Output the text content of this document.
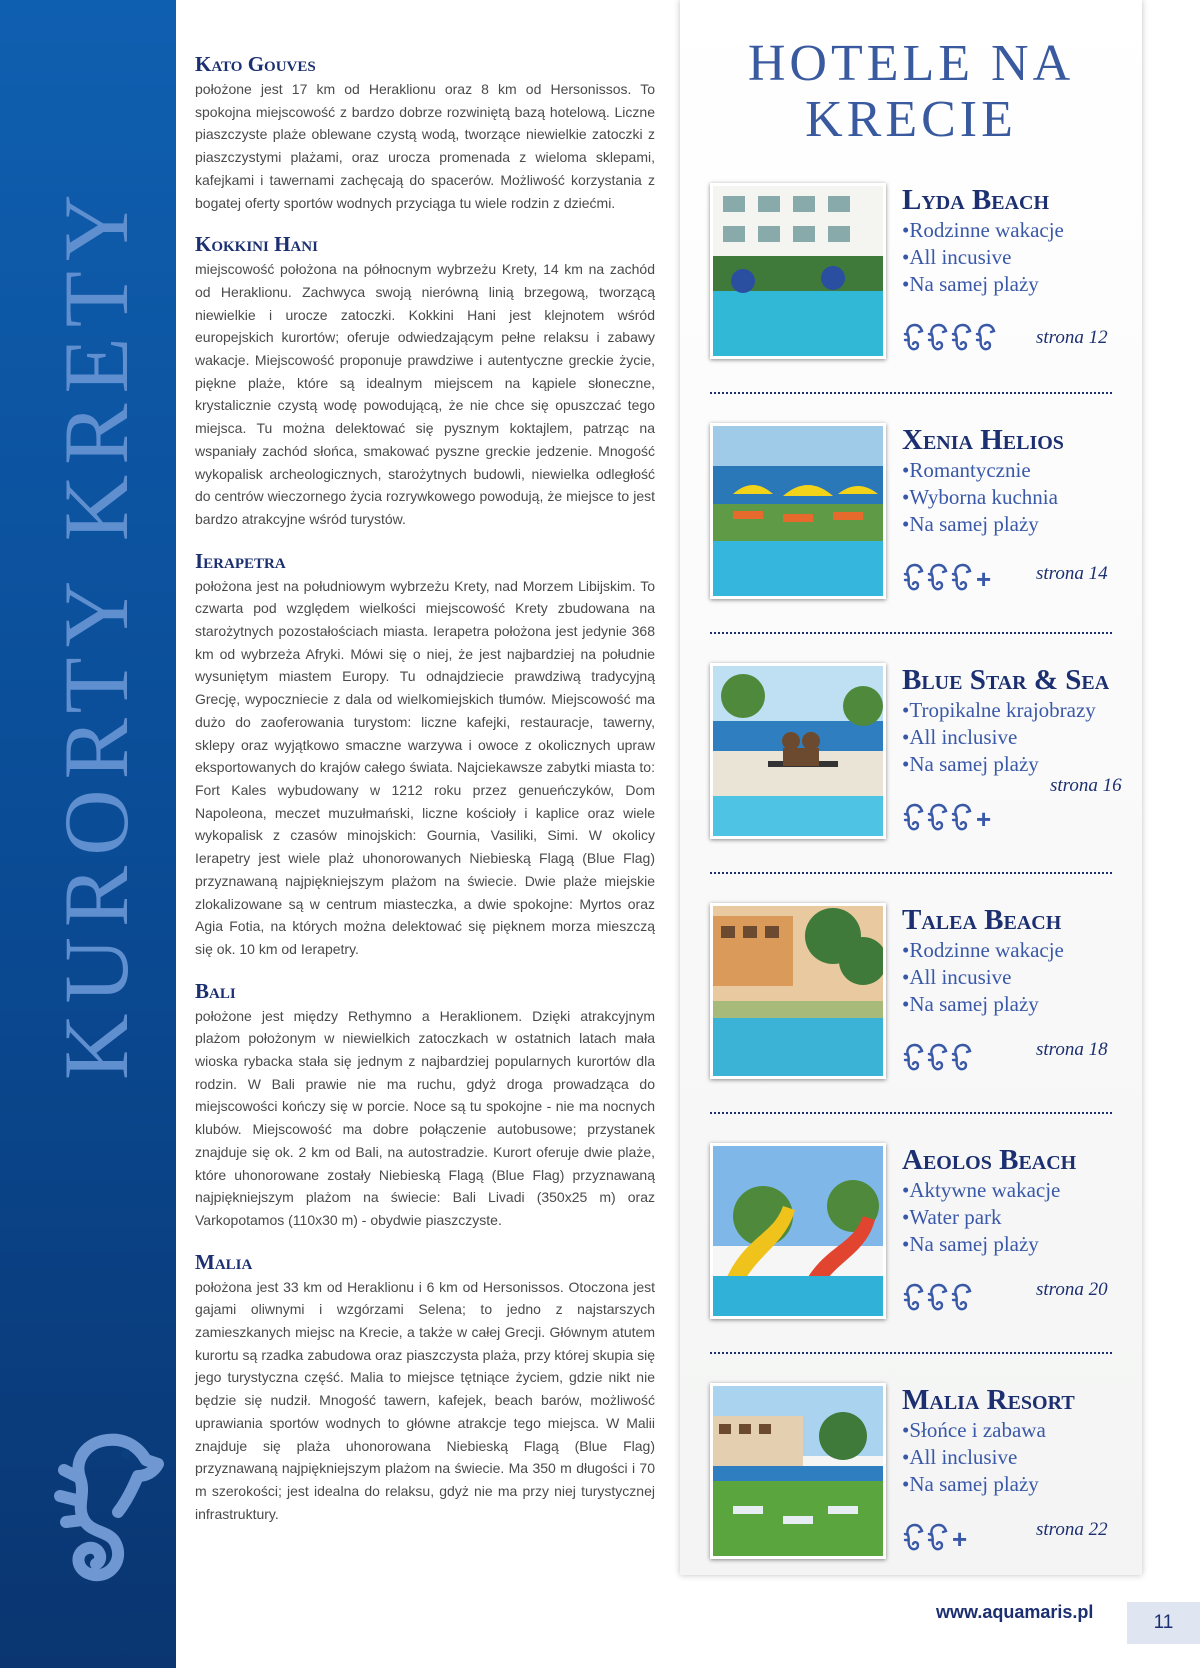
KURORTY KRETY
Kato Gouves

położone jest 17 km od Heraklionu oraz 8 km od Hersonissos. To spokojna miejscowość z bardzo dobrze rozwiniętą bazą hotelową. Liczne piaszczyste plaże oblewane czystą wodą, tworzące niewielkie zatoczki z piaszczystymi plażami, oraz urocza promenada z wieloma sklepami, kafejkami i tawernami zachęcają do spacerów. Możliwość korzystania z bogatej oferty sportów wodnych przyciąga tu wiele rodzin z dziećmi.

Kokkini Hani

miejscowość położona na północnym wybrzeżu Krety, 14 km na zachód od Heraklionu. Zachwyca swoją nierówną linią brzegową, tworzącą niewielkie i urocze zatoczki. Kokkini Hani jest klejnotem wśród europejskich kurortów; oferuje odwiedzającym pełne relaksu i zabawy wakacje. Miejscowość proponuje prawdziwe i autentyczne greckie życie, piękne plaże, które są idealnym miejscem na kąpiele słoneczne, krystalicznie czystą wodę powodującą, że nie chce się opuszczać tego miejsca. Tu można delektować się pysznym koktajlem, patrząc na wspaniały zachód słońca, smakować pyszne greckie jedzenie. Mnogość wykopalisk archeologicznych, starożytnych budowli, niewielka odległość do centrów wieczornego życia rozrywkowego powodują, że miejsce to jest bardzo atrakcyjne wśród turystów.

Ierapetra

położona jest na południowym wybrzeżu Krety, nad Morzem Libijskim. To czwarta pod względem wielkości miejscowość Krety zbudowana na starożytnych pozostałościach miasta. Ierapetra położona jest jedynie 368 km od wybrzeża Afryki. Mówi się o niej, że jest najbardziej na południe wysuniętym miastem Europy. Tu odnajdziecie prawdziwą tradycyjną Grecję, wypoczniecie z dala od wielkomiejskich tłumów. Miejscowość ma dużo do zaoferowania turystom: liczne kafejki, restauracje, tawerny, sklepy oraz wyjątkowo smaczne warzywa i owoce z okolicznych upraw eksportowanych do krajów całego świata. Najciekawsze zabytki miasta to: Fort Kales wybudowany w 1212 roku przez genueńczyków, Dom Napoleona, meczet muzułmański, liczne kościoły i kaplice oraz wiele wykopalisk z czasów minojskich: Gournia, Vasiliki, Simi. W okolicy Ierapetry jest wiele plaż uhonorowanych Niebieską Flagą (Blue Flag) przyznawaną najpiękniejszym plażom na świecie. Dwie plaże miejskie zlokalizowane są w centrum miasteczka, a dwie spokojne: Myrtos oraz Agia Fotia, na których można delektować się pięknem morza mieszczą się ok. 10 km od Ierapetry.

Bali

położone jest między Rethymno a Heraklionem. Dzięki atrakcyjnym plażom położonym w niewielkich zatoczkach w ostatnich latach mała wioska rybacka stała się jednym z najbardziej popularnych kurortów dla rodzin. W Bali prawie nie ma ruchu, gdyż droga prowadząca do miejscowości kończy się w porcie. Noce są tu spokojne - nie ma nocnych klubów. Miejscowość ma dobre połączenie autobusowe; przystanek znajduje się ok. 2 km od Bali, na autostradzie. Kurort oferuje dwie plaże, które uhonorowane zostały Niebieską Flagą (Blue Flag) przyznawaną najpiękniejszym plażom na świecie: Bali Livadi (350x25 m) oraz Varkopotamos (110x30 m) - obydwie piaszczyste.

Malia

położona jest 33 km od Heraklionu i 6 km od Hersonissos. Otoczona jest gajami oliwnymi i wzgórzami Selena; to jedno z najstarszych zamieszkanych miejsc na Krecie, a także w całej Grecji. Głównym atutem kurortu są rzadka zabudowa oraz piaszczysta plaża, przy której skupia się jego turystyczna część. Malia to miejsce tętniące życiem, gdzie nikt nie będzie się nudził. Mnogość tawern, kafejek, beach barów, możliwość uprawiania sportów wodnych to główne atrakcje tego miejsca. W Malii znajduje się plaża uhonorowana Niebieską Flagą (Blue Flag) przyznawaną najpiękniejszym plażom na świecie. Ma 350 m długości i 70 m szerokości; jest idealna do relaksu, gdyż nie ma przy niej turystycznej infrastruktury.

HOTELE NA
KRECIE
Lyda Beach
• Rodzinne wakacje
• All incusive
• Na samej plaży
strona 12
Xenia Helios
• Romantycznie
• Wyborna kuchnia
• Na samej plaży
+ strona 14
Blue Star & Sea
• Tropikalne krajobrazy
• All inclusive
• Na samej plaży
+
strona 16
Talea Beach
• Rodzinne wakacje
• All incusive
• Na samej plaży
strona 18
Aeolos Beach
• Aktywne wakacje
• Water park
• Na samej plaży
strona 20
Malia Resort
• Słońce i zabawa
• All inclusive
• Na samej plaży
+	strona 22
www.aquamaris.pl	11
